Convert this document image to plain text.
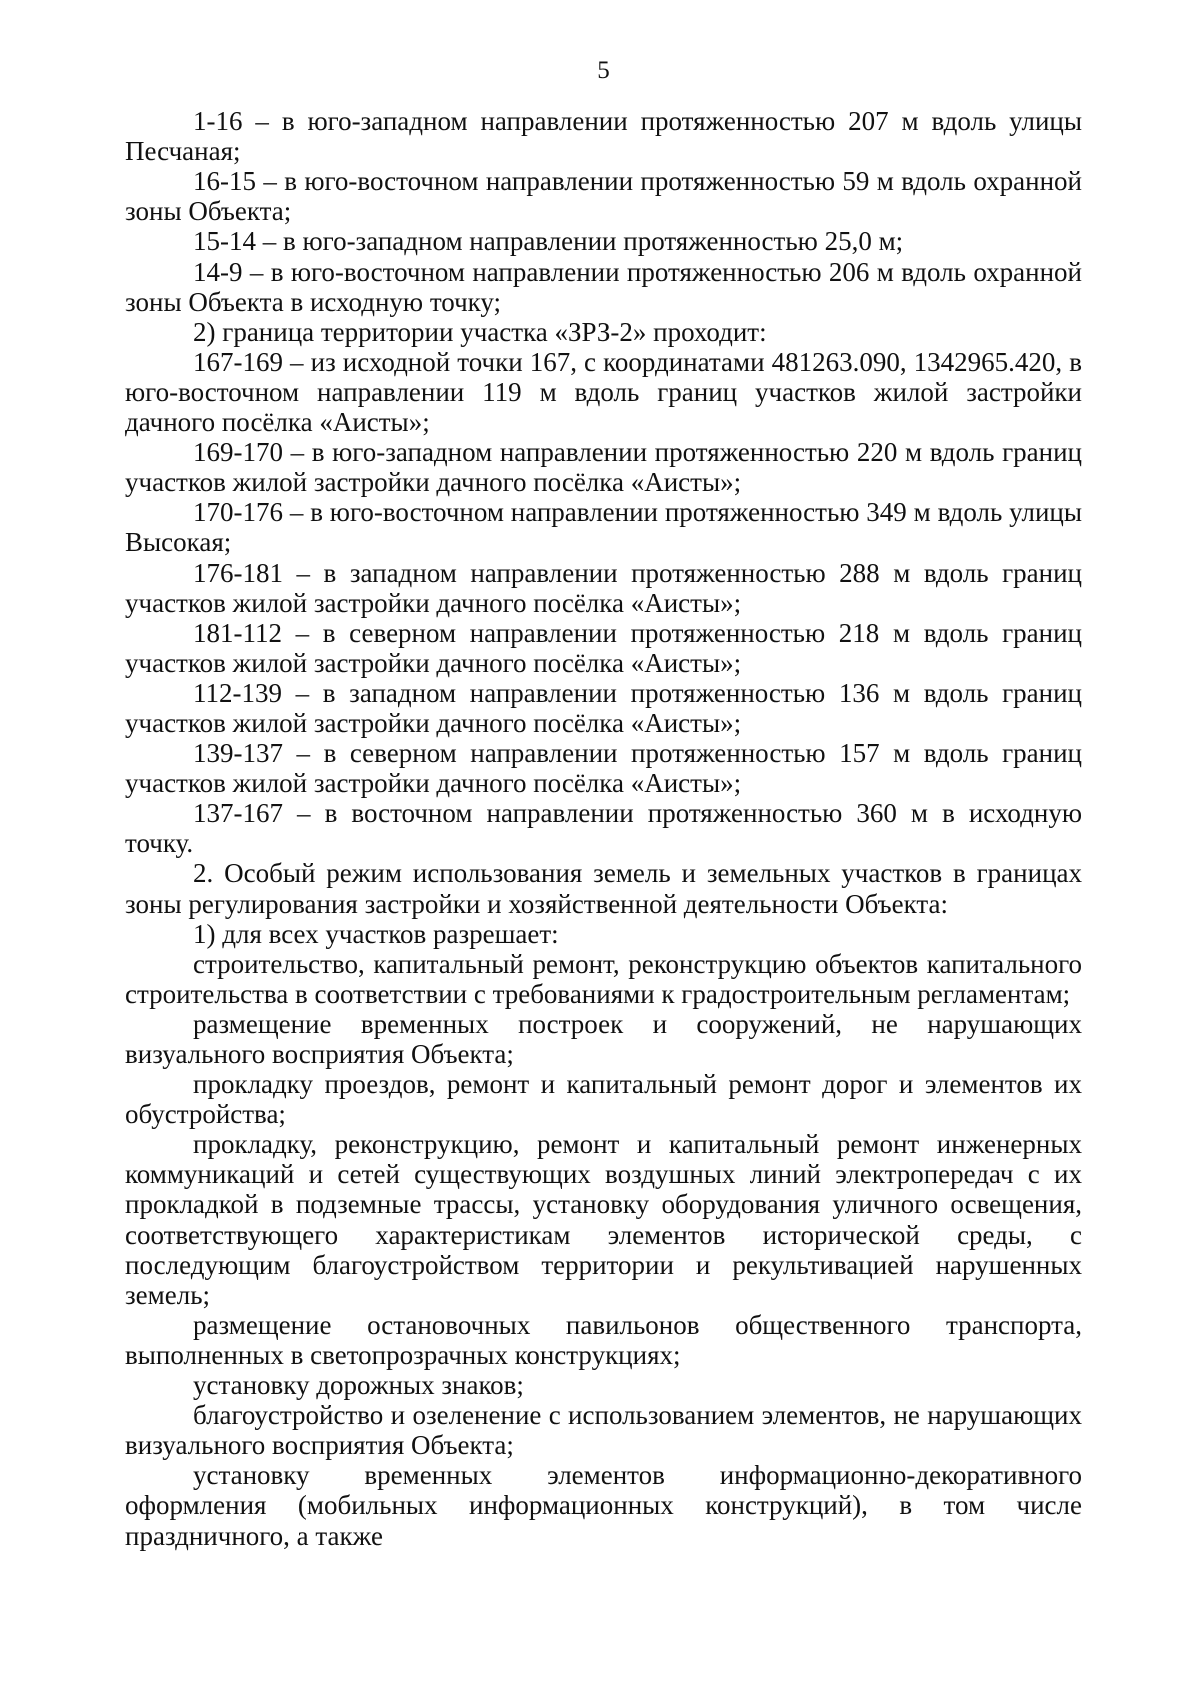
5

1-16 – в юго-западном направлении протяженностью 207 м вдоль улицы Песчаная;

16-15 – в юго-восточном направлении протяженностью 59 м вдоль охранной зоны Объекта;

15-14 – в юго-западном направлении протяженностью 25,0 м;

14-9 – в юго-восточном направлении протяженностью 206 м вдоль охранной зоны Объекта в исходную точку;

2) граница территории участка «ЗРЗ-2» проходит:

167-169 – из исходной точки 167, с координатами 481263.090, 1342965.420, в юго-восточном направлении 119 м вдоль границ участков жилой застройки дачного посёлка «Аисты»;

169-170 – в юго-западном направлении протяженностью 220 м вдоль границ участков жилой застройки дачного посёлка «Аисты»;

170-176 – в юго-восточном направлении протяженностью 349 м вдоль улицы Высокая;

176-181 – в западном направлении протяженностью 288 м вдоль границ участков жилой застройки дачного посёлка «Аисты»;

181-112 – в северном направлении протяженностью 218 м вдоль границ участков жилой застройки дачного посёлка «Аисты»;

112-139 – в западном направлении протяженностью 136 м вдоль границ участков жилой застройки дачного посёлка «Аисты»;

139-137 – в северном направлении протяженностью 157 м вдоль границ участков жилой застройки дачного посёлка «Аисты»;

137-167 – в восточном направлении протяженностью 360 м в исходную точку.

2. Особый режим использования земель и земельных участков в границах зоны регулирования застройки и хозяйственной деятельности Объекта:

1) для всех участков разрешает:

строительство, капитальный ремонт, реконструкцию объектов капитального строительства в соответствии с требованиями к градостроительным регламентам;

размещение временных построек и сооружений, не нарушающих визуального восприятия Объекта;

прокладку проездов, ремонт и капитальный ремонт дорог и элементов их обустройства;

прокладку, реконструкцию, ремонт и капитальный ремонт инженерных коммуникаций и сетей существующих воздушных линий электропередач с их прокладкой в подземные трассы, установку оборудования уличного освещения, соответствующего характеристикам элементов исторической среды, с последующим благоустройством территории и рекультивацией нарушенных земель;

размещение остановочных павильонов общественного транспорта, выполненных в светопрозрачных конструкциях;

установку дорожных знаков;

благоустройство и озеленение с использованием элементов, не нарушающих визуального восприятия Объекта;

установку временных элементов информационно-декоративного оформления (мобильных информационных конструкций), в том числе праздничного, а также
